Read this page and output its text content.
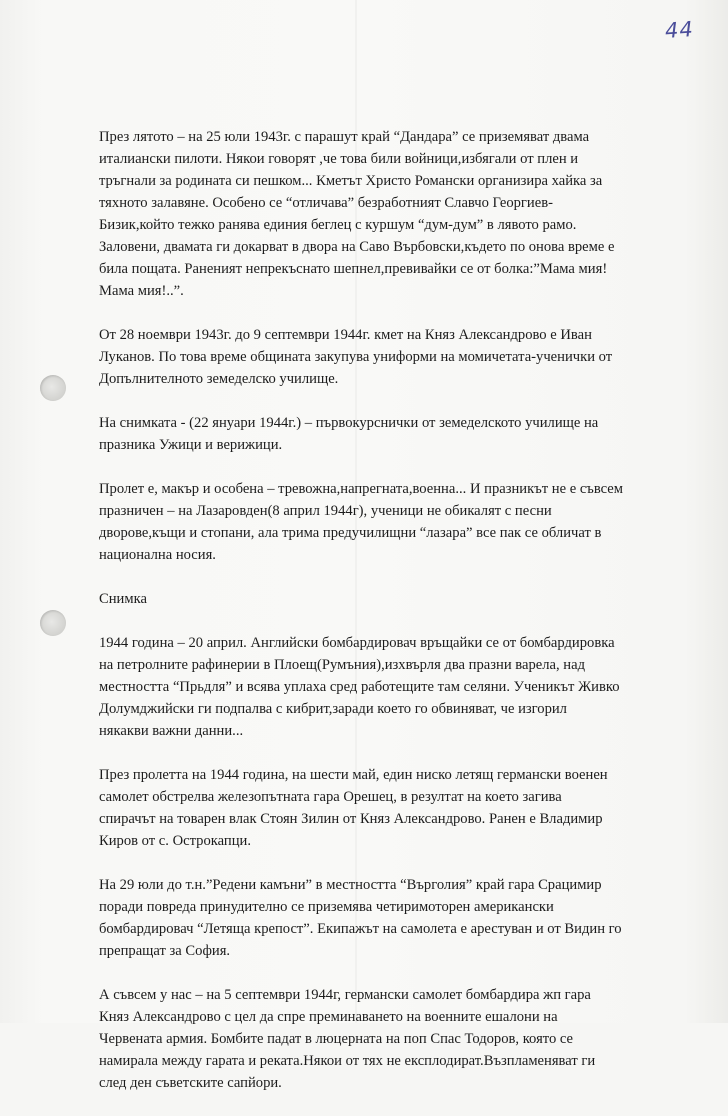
44

През лятото – на 25 юли 1943г. с парашут край “Дандара” се приземяват двама
италиански пилоти. Някои говорят ,че това били войници,избягали от плен и
тръгнали за родината си пешком... Кметът Христо Романски организира хайка за
тяхното залавяне. Особено се “отличава” безработният Славчо Георгиев-
Бизик,който тежко ранява единия беглец с куршум “дум-дум” в лявото рамо.
Заловени, двамата ги докарват в двора на Саво Върбовски,където по онова време е
била пощата. Раненият непрекъснато шепнел,превивайки се от болка:”Мама мия!
Мама мия!..”.

От 28 ноември 1943г. до 9 септември 1944г. кмет на Княз Александрово е Иван
Луканов. По това време общината закупува униформи на момичетата-ученички от
Допълнителното земеделско училище.

На снимката - (22 януари 1944г.) – първокурснички от земеделското училище на
празника Ужици и верижици.

Пролет е, макър и особена – тревожна,напрегната,военна... И празникът не е съвсем
празничен – на Лазаровден(8 април 1944г), ученици не обикалят с песни
дворове,къщи и стопани, ала трима предучилищни “лазара” все пак се обличат в
национална носия.

Снимка

1944 година – 20 април. Английски бомбардировач връщайки се от бомбардировка
на петролните рафинерии в Плоещ(Румъния),изхвърля два празни варела, над
местността “Прьдля” и всява уплаха сред работещите там селяни. Ученикът Живко
Долумджийски ги подпалва с кибрит,заради което го обвиняват, че изгорил
някакви важни данни...

През пролетта на 1944 година, на шести май, един ниско летящ германски военен
самолет обстрелва железопътната гара Орешец, в резултат на което загива
спирачът на товарен влак Стоян Зилин от Княз Александрово. Ранен е Владимир
Киров от с. Острокапци.

На 29 юли до т.н.”Редени камъни” в местността “Върголия” край гара Срацимир
поради повреда принудително се приземява четиримоторен американски
бомбардировач “Летяща крепост”. Екипажът на самолета е арестуван и от Видин го
препращат за София.

А съвсем у нас – на 5 септември 1944г, германски самолет бомбардира жп гара
Княз Александрово с цел да спре преминаването на военните ешалони на
Червената армия. Бомбите падат в люцерната на поп Спас Тодоров, която се
намирала между гарата и реката.Някои от тях не експлодират.Възпламеняват ги
след ден съветските сапйори.
